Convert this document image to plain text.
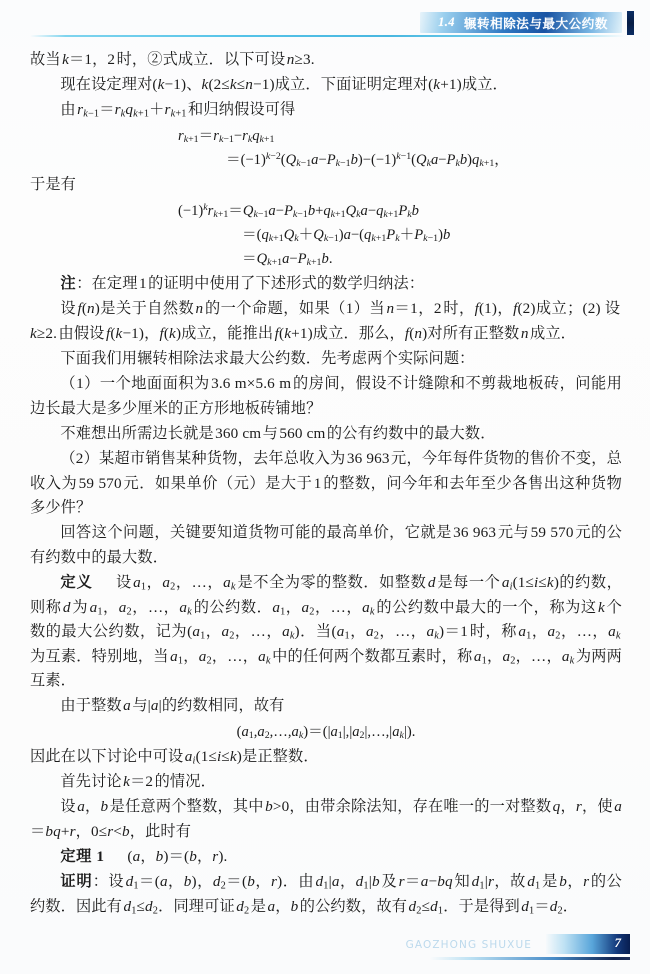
1.4 辗转相除法与最大公约数

故当 k＝1，2 时，②式成立．以下可设 n≥3.

现在设定理对(k−1)、k(2≤k≤n−1)成立．下面证明定理对(k+1)成立．

由 $r_{k-1}=r_kq_{k+1}+r_{k+1}$ 和归纳假设可得

$r_{k+1}=r_{k-1}-r_kq_{k+1}$
$=(-1)^{k-2}(Q_{k-1}a-P_{k-1}b)-(-1)^{k-1}(Q_ka-P_kb)q_{k+1}$，

于是有

$(-1)^kr_{k+1}=Q_{k-1}a-P_{k-1}b+q_{k+1}Q_ka-q_{k+1}P_kb$
$=(q_{k+1}Q_k+Q_{k-1})a-(q_{k+1}P_k+P_{k-1})b$
$=Q_{k+1}a-P_{k+1}b$.

注：在定理 1 的证明中使用了下述形式的数学归纳法：

设 f(n)是关于自然数 n 的一个命题，如果（1）当 n＝1，2 时，f(1)，f(2)成立；(2) 设 k≥2. 由假设 f(k−1)，f(k)成立，能推出 f(k+1)成立．那么，f(n)对所有正整数 n 成立．

下面我们用辗转相除法求最大公约数．先考虑两个实际问题：

（1）一个地面面积为 3.6 m×5.6 m 的房间，假设不计缝隙和不剪裁地板砖，问能用边长最大是多少厘米的正方形地板砖铺地？

不难想出所需边长就是 360 cm 与 560 cm 的公有约数中的最大数．

（2）某超市销售某种货物，去年总收入为 36 963 元，今年每件货物的售价不变，总收入为 59 570 元．如果单价（元）是大于 1 的整数，问今年和去年至少各售出这种货物多少件？

回答这个问题，关键要知道货物可能的最高单价，它就是 36 963 元与 59 570 元的公有约数中的最大数．

定义 设 $a_1$，$a_2$，…，$a_k$ 是不全为零的整数．如整数 d 是每一个 $a_i(1\le i\le k)$的约数，则称 d 为 $a_1$，$a_2$，…，$a_k$ 的公约数．$a_1$，$a_2$，…，$a_k$ 的公约数中最大的一个，称为这 k 个数的最大公约数，记为($a_1$，$a_2$，…，$a_k$)．当($a_1$，$a_2$，…，$a_k)=1$ 时，称 $a_1$，$a_2$，…，$a_k$ 为互素．特别地，当 $a_1$，$a_2$，…，$a_k$ 中的任何两个数都互素时，称 $a_1$，$a_2$，…，$a_k$ 为两两互素．

由于整数 a 与|a|的约数相同，故有

$(a_1,a_2,\dots,a_k)=(|a_1|,|a_2|,\dots,|a_k|)$.

因此在以下讨论中可设 $a_i(1\le i\le k)$是正整数．

首先讨论 k＝2 的情况．

设 a，b 是任意两个整数，其中 b>0，由带余除法知，存在唯一的一对整数 q，r，使 a＝bq+r，0≤r<b，此时有

定理 1 (a，b)＝(b，r).

证明：设 $d_1=(a$，b)，$d_2=(b$，r)．由 $d_1|a$，$d_1|b$ 及 r＝a−bq 知 $d_1|r$，故 $d_1$ 是 b，r 的公约数．因此有 $d_1\le d_2$．同理可证 $d_2$ 是 a，b 的公约数，故有 $d_2\le d_1$．于是得到 $d_1=d_2$．

GAOZHONG SHUXUE	7
